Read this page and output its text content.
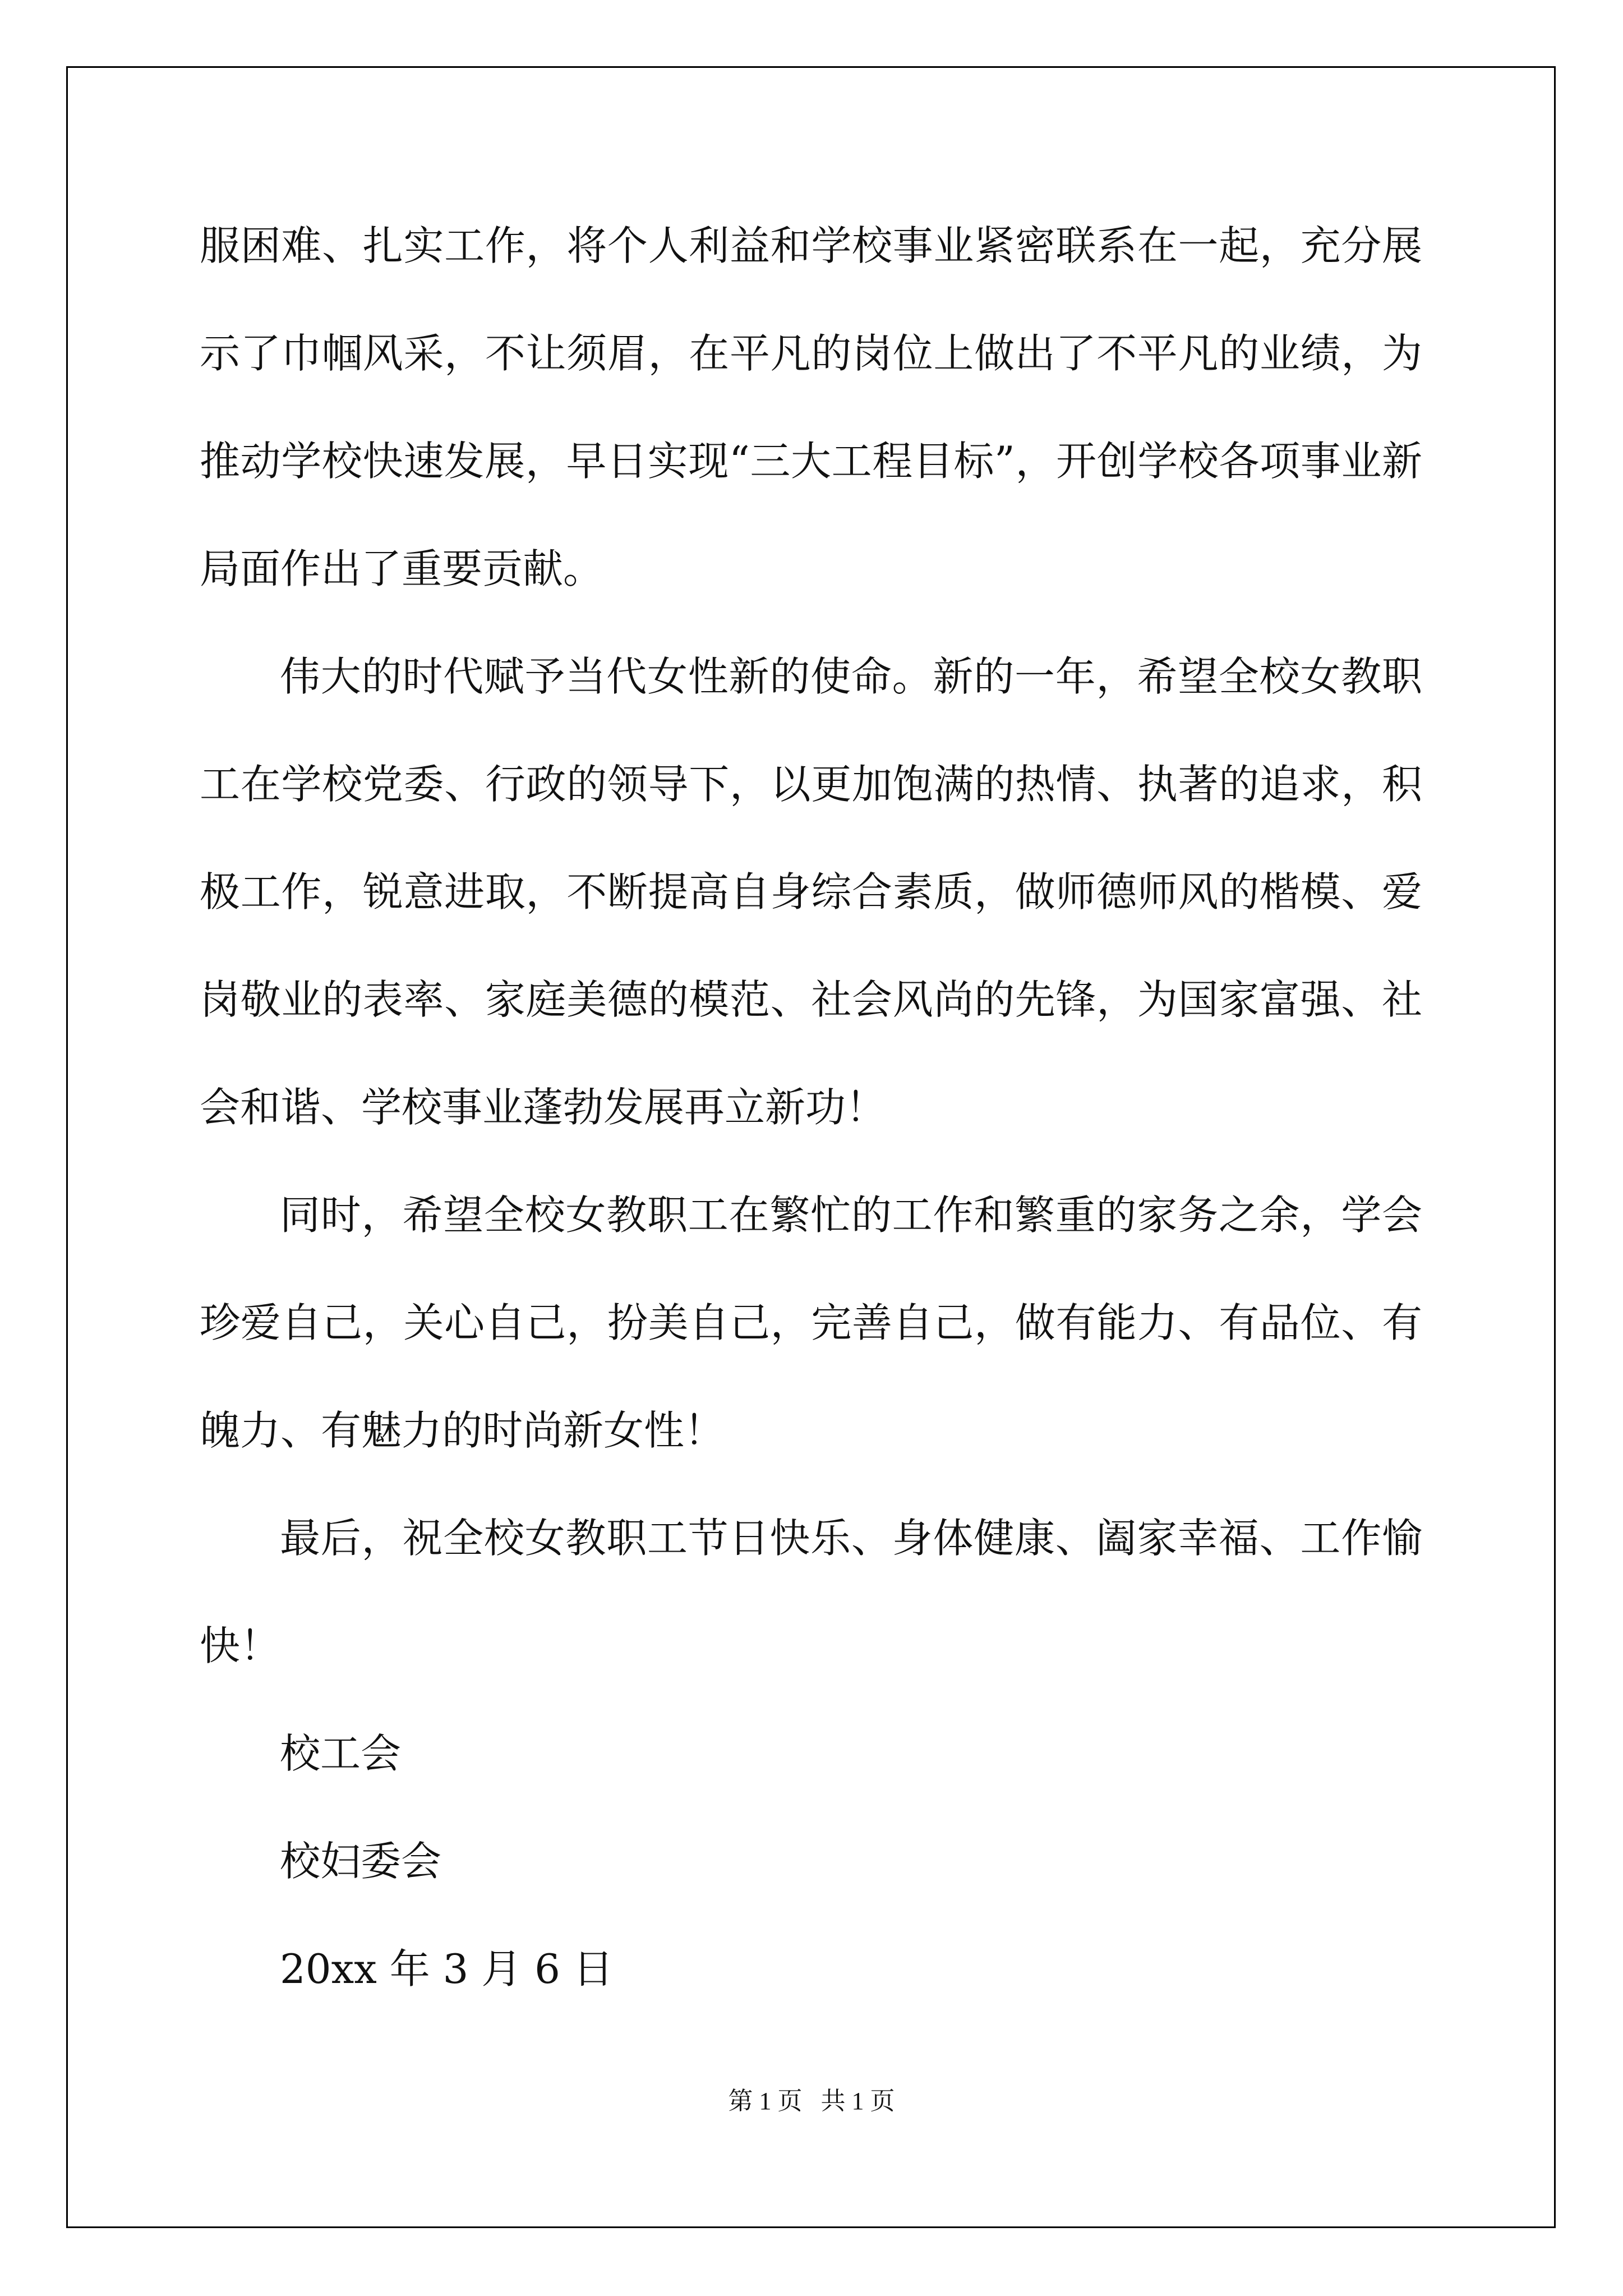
服困难、扎实工作，将个人利益和学校事业紧密联系在一起，充分展

示了巾帼风采，不让须眉，在平凡的岗位上做出了不平凡的业绩，为

推动学校快速发展，早日实现“三大工程目标”，开创学校各项事业新

局面作出了重要贡献。

伟大的时代赋予当代女性新的使命。新的一年，希望全校女教职

工在学校党委、行政的领导下，以更加饱满的热情、执著的追求，积

极工作，锐意进取，不断提高自身综合素质，做师德师风的楷模、爱

岗敬业的表率、家庭美德的模范、社会风尚的先锋，为国家富强、社

会和谐、学校事业蓬勃发展再立新功！

同时，希望全校女教职工在繁忙的工作和繁重的家务之余，学会

珍爱自己，关心自己，扮美自己，完善自己，做有能力、有品位、有

魄力、有魅力的时尚新女性！

最后，祝全校女教职工节日快乐、身体健康、阖家幸福、工作愉

快！

校工会

校妇委会

20xx 年 3 月 6 日

第 1 页   共 1 页
